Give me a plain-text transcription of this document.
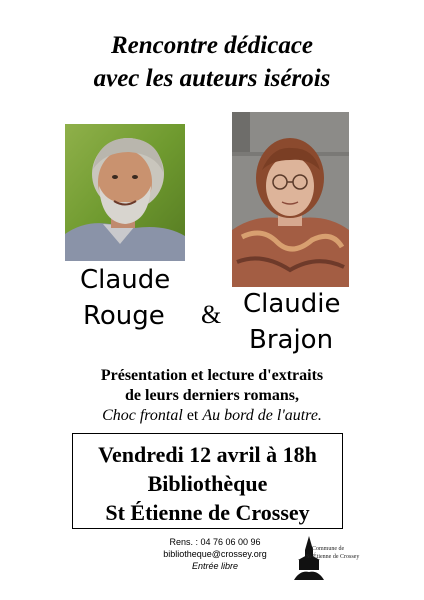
Rencontre dédicace
avec les auteurs isérois
Claude
Rouge & Claudie
Brajon
Présentation et lecture d'extraits
de leurs derniers romans,
Choc frontal et Au bord de l'autre.
Vendredi 12 avril à 18h
Bibliothèque
St Étienne de Crossey
Rens. : 04 76 06 00 96
bibliotheque@crossey.org
Entrée libre
Commune de
St-Étienne de Crossey
